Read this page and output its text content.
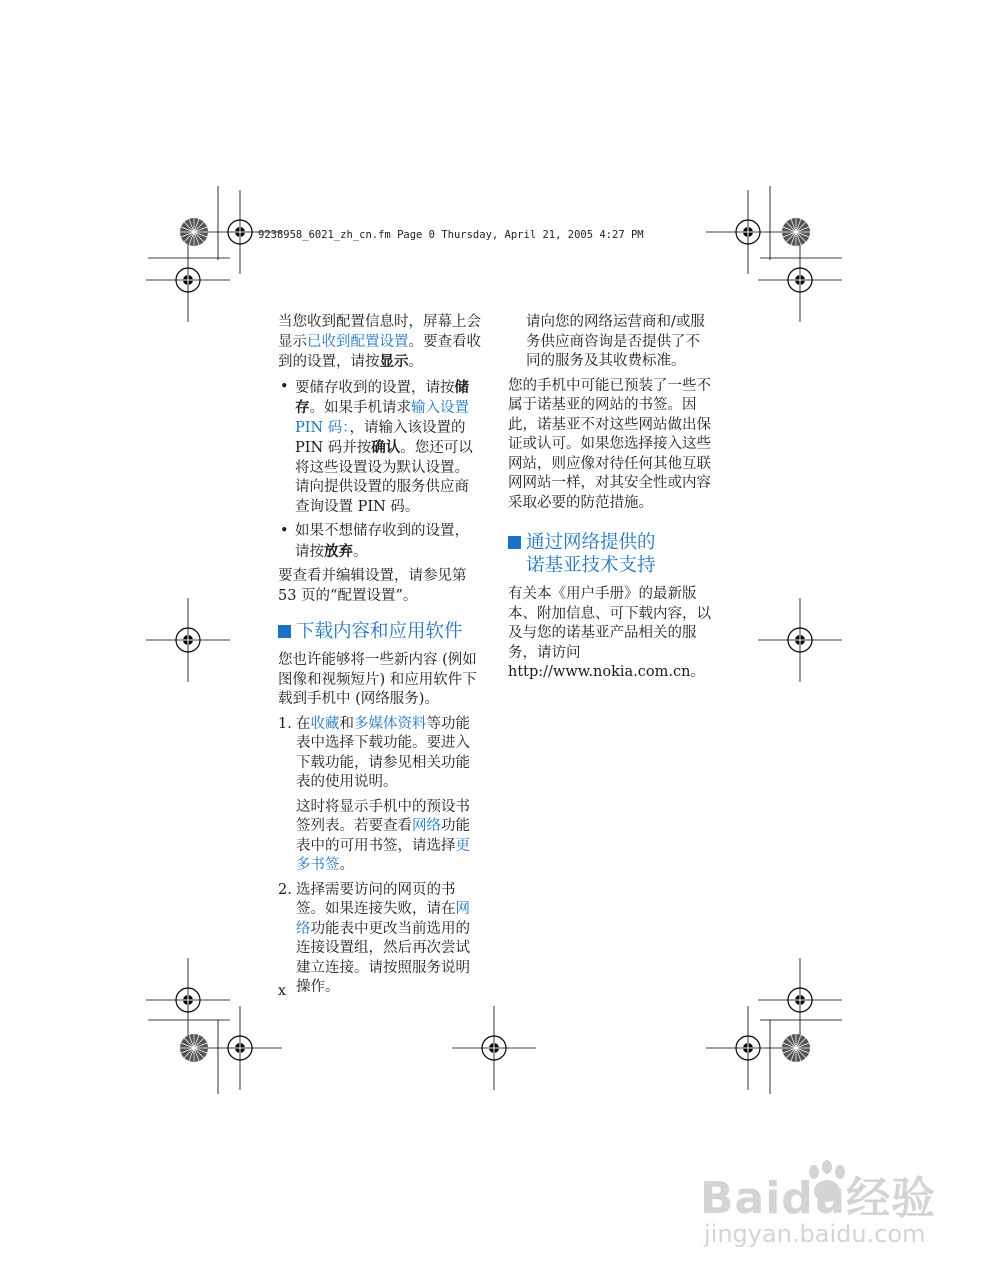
9238958_6021_zh_cn.fm Page 0 Thursday, April 21, 2005 4:27 PM

当您收到配置信息时，屏幕上会显示已收到配置设置。要查看收到的设置，请按显示。

• 要储存收到的设置，请按储存。如果手机请求输入设置 PIN 码：，请输入该设置的 PIN 码并按确认。您还可以将这些设置设为默认设置。请向提供设置的服务供应商查询设置 PIN 码。
• 如果不想储存收到的设置，请按放弃。

要查看并编辑设置，请参见第 53 页的“配置设置”。

下载内容和应用软件

您也许能够将一些新内容 (例如图像和视频短片) 和应用软件下载到手机中 (网络服务)。

1. 在收藏和多媒体资料等功能表中选择下载功能。要进入下载功能，请参见相关功能表的使用说明。
这时将显示手机中的预设书签列表。若要查看网络功能表中的可用书签，请选择更多书签。
2. 选择需要访问的网页的书签。如果连接失败，请在网络功能表中更改当前选用的连接设置组，然后再次尝试建立连接。请按照服务说明操作。

请向您的网络运营商和/或服务供应商咨询是否提供了不同的服务及其收费标准。

您的手机中可能已预装了一些不属于诺基亚的网站的书签。因此，诺基亚不对这些网站做出保证或认可。如果您选择接入这些网站，则应像对待任何其他互联网网站一样，对其安全性或内容采取必要的防范措施。

通过网络提供的
诺基亚技术支持

有关本《用户手册》的最新版本、附加信息、可下载内容，以及与您的诺基亚产品相关的服务，请访问
http://www.nokia.com.cn。

x
Baidu经验
jingyan.baidu.com
